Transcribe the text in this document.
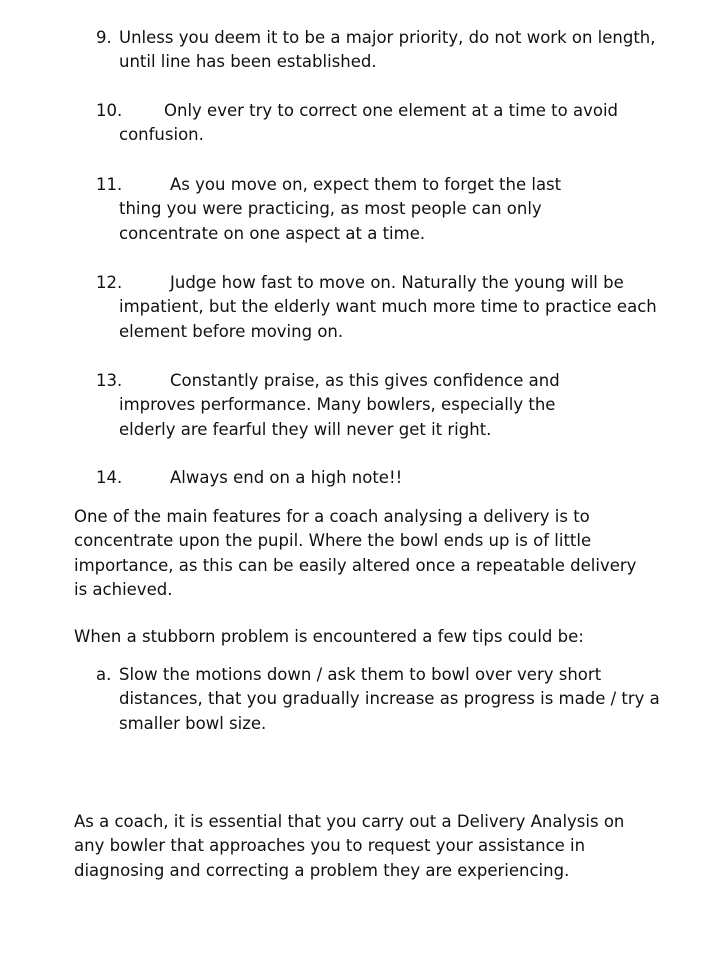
9. Unless you deem it to be a major priority, do not work on length, until line has been established.

10.	Only ever try to correct one element at a time to avoid confusion.

11.	As you move on, expect them to forget the last thing you were practicing, as most people can only concentrate on one aspect at a time.

12.	Judge how fast to move on. Naturally the young will be impatient, but the elderly want much more time to practice each element before moving on.

13.	Constantly praise, as this gives confidence and improves performance. Many bowlers, especially the elderly are fearful they will never get it right.

14.	Always end on a high note!!

One of the main features for a coach analysing a delivery is to concentrate upon the pupil. Where the bowl ends up is of little importance, as this can be easily altered once a repeatable delivery is achieved.

When a stubborn problem is encountered a few tips could be:

a. Slow the motions down / ask them to bowl over very short distances, that you gradually increase as progress is made / try a smaller bowl size.

As a coach, it is essential that you carry out a Delivery Analysis on any bowler that approaches you to request your assistance in diagnosing and correcting a problem they are experiencing.
